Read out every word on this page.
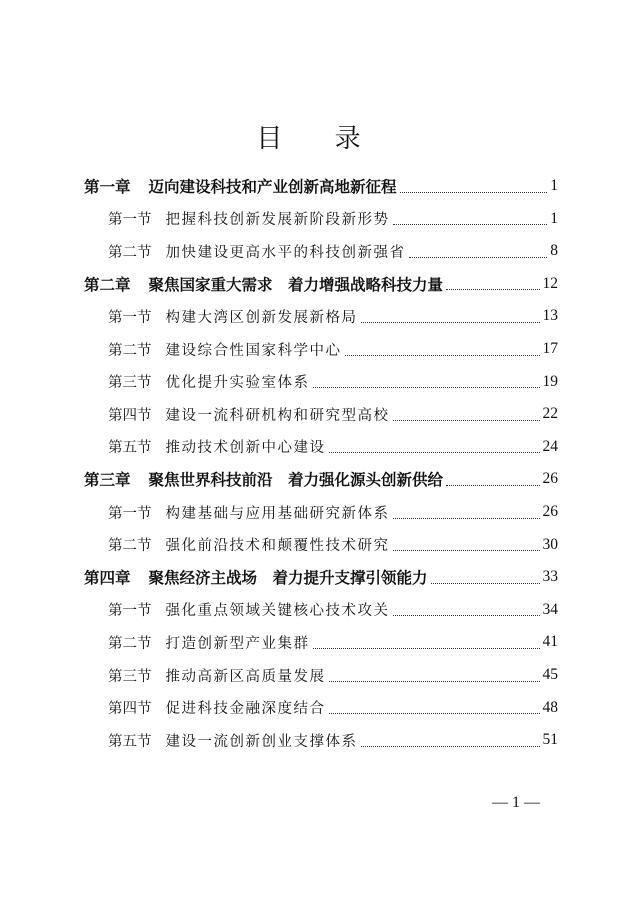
目 录
第一章 迈向建设科技和产业创新高地新征程	1
第一节 把握科技创新发展新阶段新形势	1
第二节 加快建设更高水平的科技创新强省	8
第二章 聚焦国家重大需求　着力增强战略科技力量	12
第一节 构建大湾区创新发展新格局	13
第二节 建设综合性国家科学中心	17
第三节 优化提升实验室体系	19
第四节 建设一流科研机构和研究型高校	22
第五节 推动技术创新中心建设	24
第三章 聚焦世界科技前沿　着力强化源头创新供给	26
第一节 构建基础与应用基础研究新体系	26
第二节 强化前沿技术和颠覆性技术研究	30
第四章 聚焦经济主战场　着力提升支撑引领能力	33
第一节 强化重点领域关键核心技术攻关	34
第二节 打造创新型产业集群	41
第三节 推动高新区高质量发展	45
第四节 促进科技金融深度结合	48
第五节 建设一流创新创业支撑体系	51
— 1 —
